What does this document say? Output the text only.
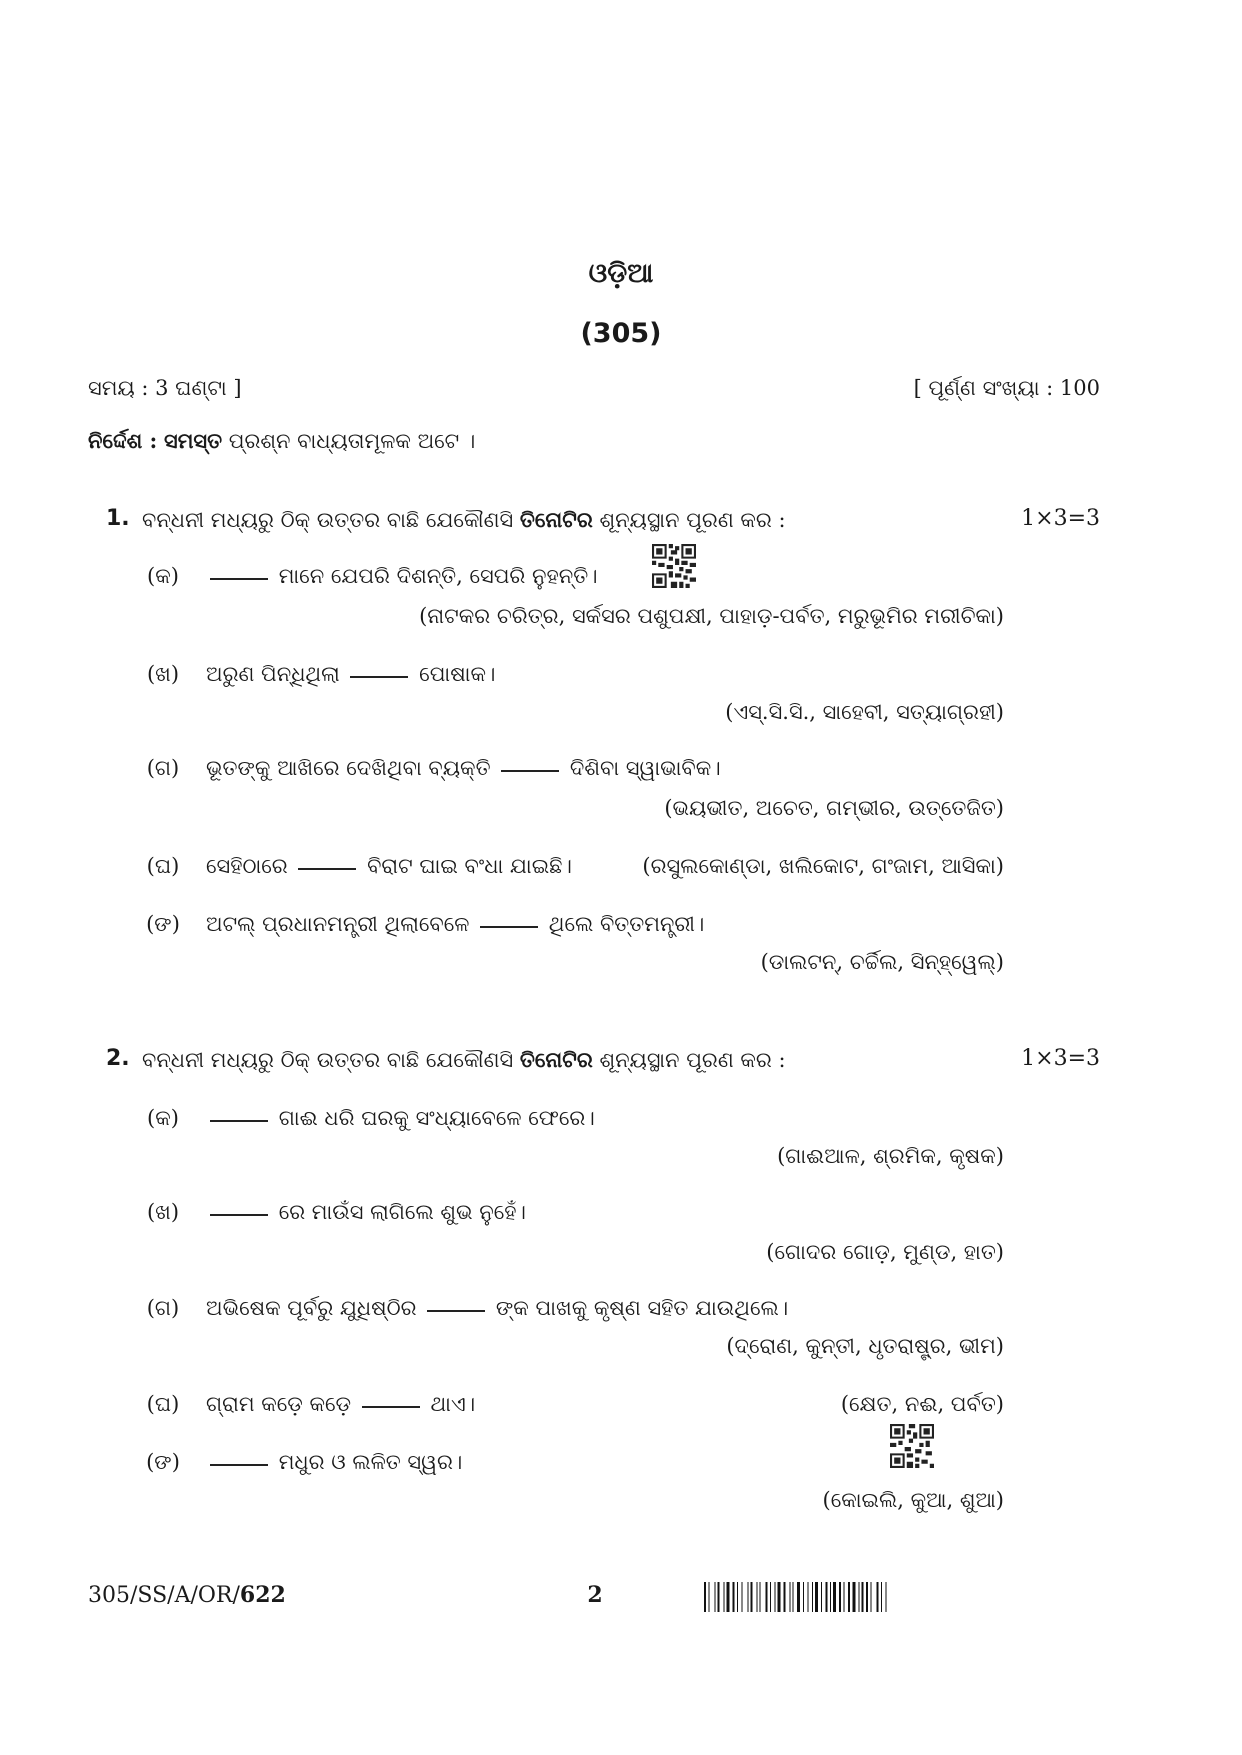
ଓଡ଼ିଆ
(305)
ସମୟ : 3 ଘଣ୍ଟା ]	[ ପୂର୍ଣ୍ଣ ସଂଖ୍ୟା : 100
ନିର୍ଦ୍ଦେଶ : ସମସ୍ତ ପ୍ରଶ୍ନ ବାଧ୍ୟତାମୂଳକ ଅଟେ ।
1. ବନ୍ଧନୀ ମଧ୍ୟରୁ ଠିକ୍ ଉତ୍ତର ବାଛି ଯେକୌଣସି ତିନୋଟିର ଶୂନ୍ୟସ୍ଥାନ ପୂରଣ କର :	1×3=3
(କ)	ମାନେ ଯେପରି ଦିଶନ୍ତି, ସେପରି ନୁହନ୍ତି।
(ନାଟକର ଚରିତ୍ର, ସର୍କସର ପଶୁପକ୍ଷୀ, ପାହାଡ଼-ପର୍ବତ, ମରୁଭୂମିର ମରୀଚିକା)
(ଖ)	ଅରୁଣ ପିନ୍ଧିଥିଲା	ପୋଷାକ।
(ଏସ୍.ସି.ସି., ସାହେବୀ, ସତ୍ୟାଗ୍ରହୀ)
(ଗ)	ଭୂତଙ୍କୁ ଆଖିରେ ଦେଖିଥିବା ବ୍ୟକ୍ତି	ଦିଶିବା ସ୍ୱାଭାବିକ।
(ଭୟଭୀତ, ଅଚେତ, ଗମ୍ଭୀର, ଉତ୍ତେଜିତ)
(ଘ)	ସେହିଠାରେ	ବିରାଟ ଘାଇ ବଂଧା ଯାଇଛି।	(ରସୁଲକୋଣ୍ଡା, ଖଲିକୋଟ, ଗଂଜାମ, ଆସିକା)
(ଙ)	ଅଟଲ୍ ପ୍ରଧାନମନ୍ତ୍ରୀ ଥିଲାବେଳେ	ଥିଲେ ବିତ୍ତମନ୍ତ୍ରୀ।
(ଡାଲଟନ୍, ଚର୍ଚ୍ଚିଲ, ସିନ୍‌ହ୍ୱେଲ୍)
2. ବନ୍ଧନୀ ମଧ୍ୟରୁ ଠିକ୍ ଉତ୍ତର ବାଛି ଯେକୌଣସି ତିନୋଟିର ଶୂନ୍ୟସ୍ଥାନ ପୂରଣ କର :	1×3=3
(କ)	ଗାଈ ଧରି ଘରକୁ ସଂଧ୍ୟାବେଳେ ଫେରେ।
(ଗାଈଆଳ, ଶ୍ରମିକ, କୃଷକ)
(ଖ)	ରେ ମାଉଁସ ଲାଗିଲେ ଶୁଭ ନୁହେଁ।
(ଗୋଦର ଗୋଡ଼, ମୁଣ୍ଡ, ହାତ)
(ଗ)	ଅଭିଷେକ ପୂର୍ବରୁ ଯୁଧିଷ୍ଠିର	ଙ୍କ ପାଖକୁ କୃଷ୍ଣ ସହିତ ଯାଉଥିଲେ।
(ଦ୍ରୋଣ, କୁନ୍ତୀ, ଧୃତରାଷ୍ଟ୍ର, ଭୀମ)
(ଘ)	ଗ୍ରାମ କଡ଼େ କଡ଼େ	ଥାଏ।	(କ୍ଷେତ, ନଈ, ପର୍ବତ)
(ଙ)	ମଧୁର ଓ ଲଳିତ ସ୍ୱର।
(କୋଇଲି, କୁଆ, ଶୁଆ)
305/SS/A/OR/622	2
